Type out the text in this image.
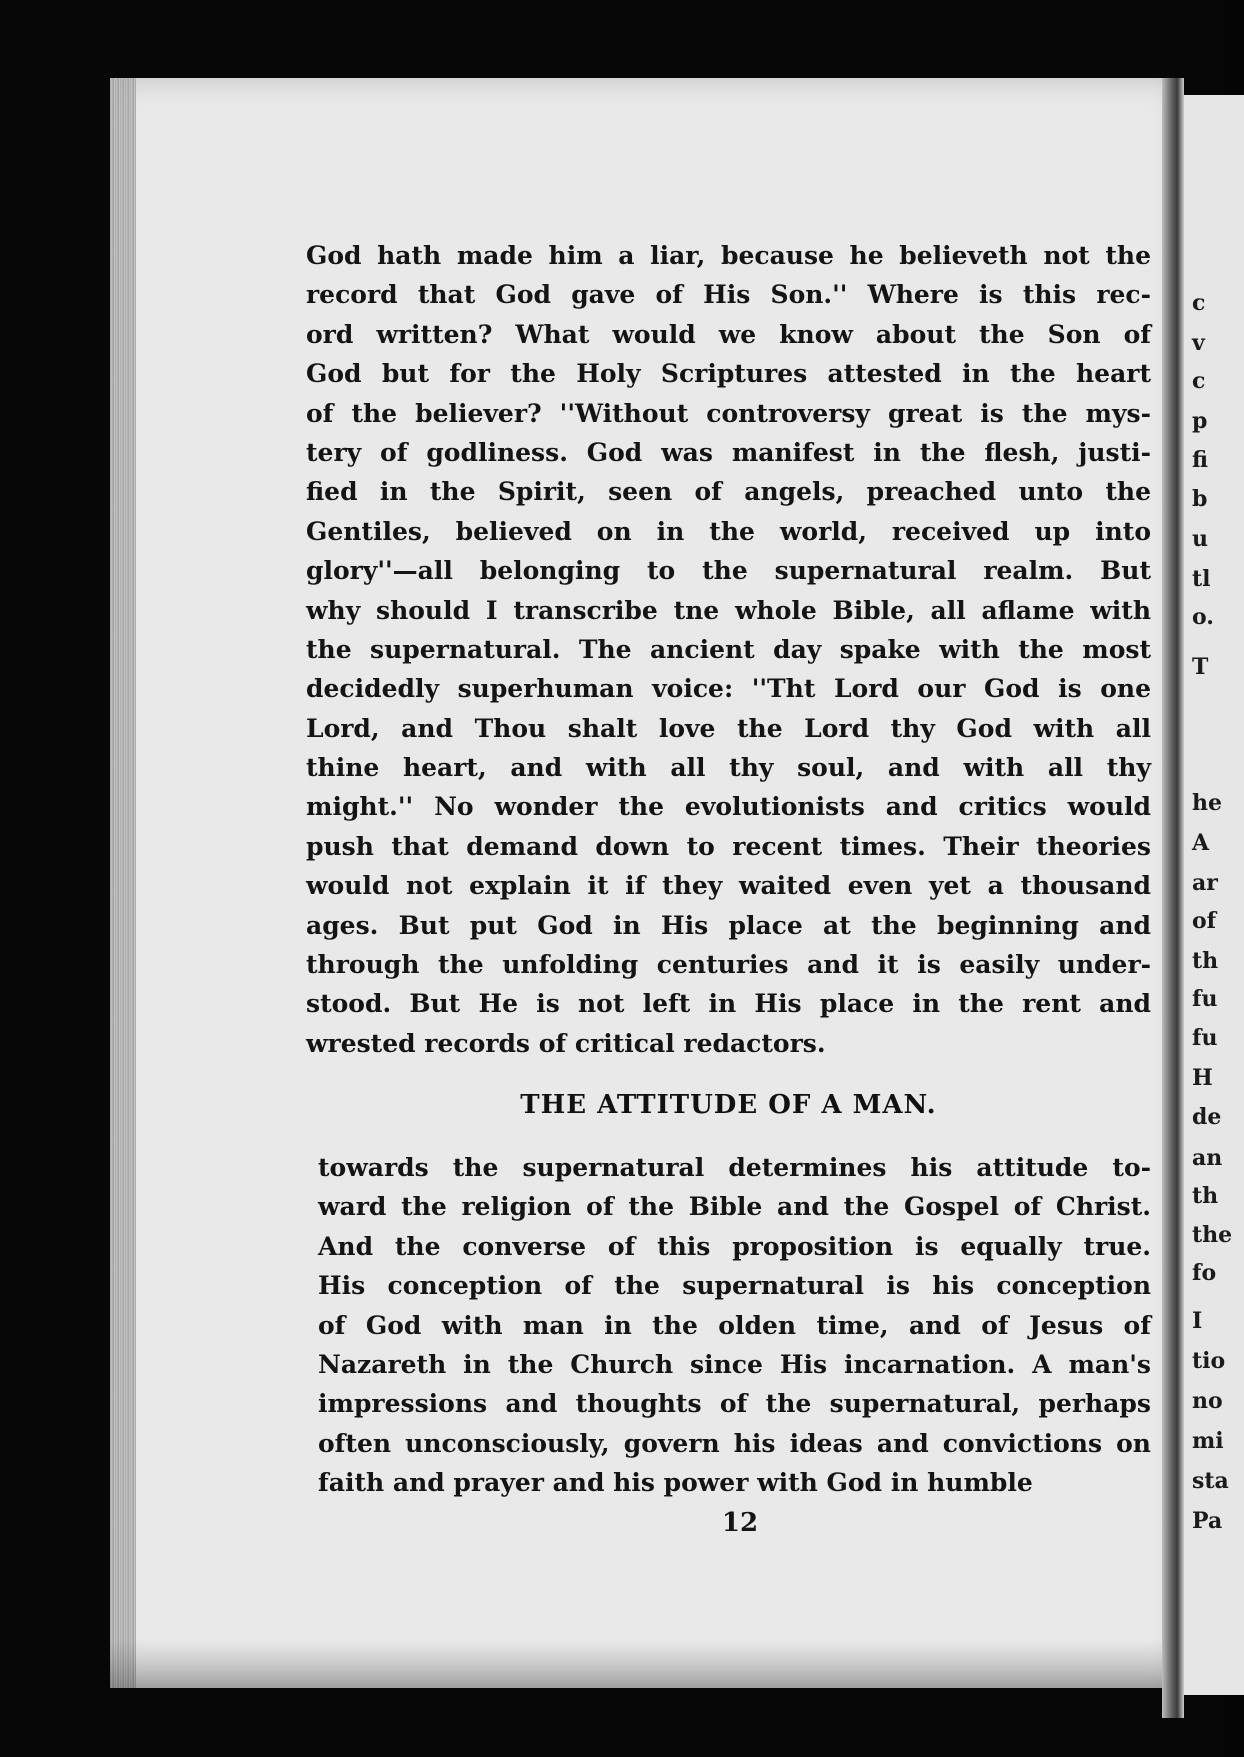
c
v
c
p
fi
b
u
tl
o.
T
he
A
ar
of
th
fu
fu
H
de
an
th
the
fo
I
tio
no
mi
sta
Pa
God hath made him a liar, because he believeth not the
record that God gave of His Son.'' Where is this rec-
ord written? What would we know about the Son of
God but for the Holy Scriptures attested in the heart
of the believer? ''Without controversy great is the mys-
tery of godliness. God was manifest in the flesh, justi-
fied in the Spirit, seen of angels, preached unto the
Gentiles, believed on in the world, received up into
glory''—all belonging to the supernatural realm. But
why should I transcribe tne whole Bible, all aflame with
the supernatural. The ancient day spake with the most
decidedly superhuman voice: ''Tht Lord our God is one
Lord, and Thou shalt love the Lord thy God with all
thine heart, and with all thy soul, and with all thy
might.'' No wonder the evolutionists and critics would
push that demand down to recent times. Their theories
would not explain it if they waited even yet a thousand
ages. But put God in His place at the beginning and
through the unfolding centuries and it is easily under-
stood. But He is not left in His place in the rent and
wrested records of critical redactors.
THE ATTITUDE OF A MAN.
towards the supernatural determines his attitude to-
ward the religion of the Bible and the Gospel of Christ.
And the converse of this proposition is equally true.
His conception of the supernatural is his conception
of God with man in the olden time, and of Jesus of
Nazareth in the Church since His incarnation. A man's
impressions and thoughts of the supernatural, perhaps
often unconsciously, govern his ideas and convictions on
faith and prayer and his power with God in humble
12
